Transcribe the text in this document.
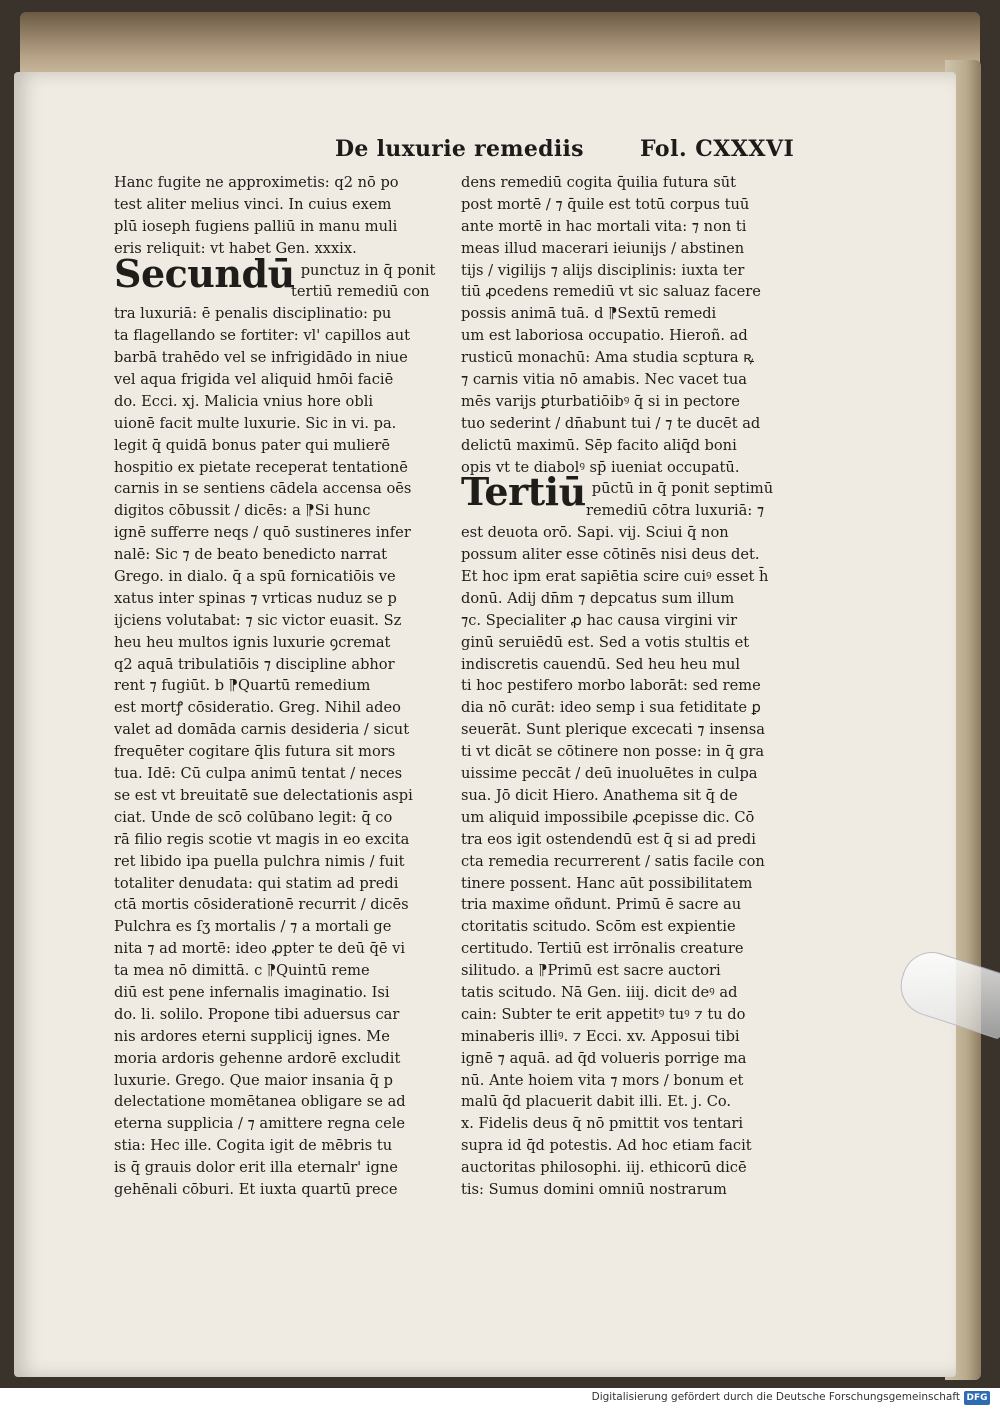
De luxurie remediis	Fol. CXXXVI
Hanc fugite ne approximetis: q2 nō po
test aliter melius vinci. In cuius exem
plū ioseph fugiens palliū in manu muli
eris reliquit: vt habet Gen. xxxix.
Secundū punctuz in q̄ ponit
tertiū remediū con
tra luxuriā: ē penalis disciplinatio: pu
ta flagellando se fortiter: vl' capillos aut
barbā trahēdo vel se infrigidādo in niue
vel aqua frigida vel aliquid hmōi faciē
do. Ecci. xj. Malicia vnius hore obli
uionē facit multe luxurie. Sic in vi. pa.
legit q̄ quidā bonus pater qui mulierē
hospitio ex pietate receperat tentationē
carnis in se sentiens cādela accensa oēs
digitos cōbussit / dicēs: a ⁋Si hunc
ignē sufferre neqs / quō sustineres infer
nalē: Sic ⁊ de beato benedicto narrat
Grego. in dialo. q̄ a spū fornicatiōis ve
xatus inter spinas ⁊ vrticas nuduz se p
ijciens volutabat: ⁊ sic victor euasit. Sz
heu heu multos ignis luxurie ꝯcremat
q2 aquā tribulatiōis ⁊ discipline abhor
rent ⁊ fugiūt. b ⁋Quartū remedium
est mortꝭ cōsideratio. Greg. Nihil adeo
valet ad domāda carnis desideria / sicut
frequēter cogitare q̄lis futura sit mors
tua. Idē: Cū culpa animū tentat / neces
se est vt breuitatē sue delectationis aspi
ciat. Unde de scō colūbano legit: q̄ co
rā filio regis scotie vt magis in eo excita
ret libido ipa puella pulchra nimis / fuit
totaliter denudata: qui statim ad predi
ctā mortis cōsiderationē recurrit / dicēs
Pulchra es ſʒ mortalis / ⁊ a mortali ge
nita ⁊ ad mortē: ideo ꝓpter te deū q̄ē vi
ta mea nō dimittā. c ⁋Quintū reme
diū est pene infernalis imaginatio. Isi
do. li. solilo. Propone tibi aduersus car
nis ardores eterni supplicij ignes. Me
moria ardoris gehenne ardorē excludit
luxurie. Grego. Que maior insania q̄ p
delectatione momētanea obligare se ad
eterna supplicia / ⁊ amittere regna cele
stia: Hec ille. Cogita igit de mēbris tu
is q̄ grauis dolor erit illa eternalr' igne
gehēnali cōburi. Et iuxta quartū prece
dens remediū cogita q̄uilia futura sūt
post mortē / ⁊ q̄uile est totū corpus tuū
ante mortē in hac mortali vita: ⁊ non ti
meas illud macerari ieiunijs / abstinen
tijs / vigilijs ⁊ alijs disciplinis: iuxta ter
tiū ꝓcedens remediū vt sic saluaz facere
possis animā tuā. d ⁋Sextū remedi
um est laboriosa occupatio. Hieroñ. ad
rusticū monachū: Ama studia scptura ꝶ
⁊ carnis vitia nō amabis. Nec vacet tua
mēs varijs ꝑturbatiōibꝰ q̄ si in pectore
tuo sederint / dn̄abunt tui / ⁊ te ducēt ad
delictū maximū. Sēp facito aliq̄d boni
opis vt te diabolꝰ sp̄ iueniat occupatū.
Tertiū pūctū in q̄ ponit septimū
remediū cōtra luxuriā: ⁊
est deuota orō. Sapi. vij. Sciui q̄ non
possum aliter esse cōtinēs nisi deus det.
Et hoc ipm erat sapiētia scire cuiꝰ esset h̄
donū. Adij dn̄m ⁊ depcatus sum illum
⁊c. Specialiter ꝓ hac causa virgini vir
ginū seruiēdū est. Sed a votis stultis et
indiscretis cauendū. Sed heu heu mul
ti hoc pestifero morbo laborāt: sed reme
dia nō curāt: ideo semp i sua fetiditate ꝑ
seuerāt. Sunt plerique excecati ⁊ insensa
ti vt dicāt se cōtinere non posse: in q̄ gra
uissime peccāt / deū inuoluētes in culpa
sua. Jō dicit Hiero. Anathema sit q̄ de
um aliquid impossibile ꝓcepisse dic. Cō
tra eos igit ostendendū est q̄ si ad predi
cta remedia recurrerent / satis facile con
tinere possent. Hanc aūt possibilitatem
tria maxime oñdunt. Primū ē sacre au
ctoritatis scitudo. Scōm est expientie
certitudo. Tertiū est irrōnalis creature
silitudo. a ⁋Primū est sacre auctori
tatis scitudo. Nā Gen. iiij. dicit deꝰ ad
cain: Subter te erit appetitꝰ tuꝰ ⁊ tu do
minaberis illiꝰ. ⁊ Ecci. xv. Apposui tibi
ignē ⁊ aquā. ad q̄d volueris porrige ma
nū. Ante hoiem vita ⁊ mors / bonum et
malū q̄d placuerit dabit illi. Et. j. Co.
x. Fidelis deus q̄ nō pmittit vos tentari
supra id q̄d potestis. Ad hoc etiam facit
auctoritas philosophi. iij. ethicorū dicē
tis: Sumus domini omniū nostrarum
Digitalisierung gefördert durch die Deutsche Forschungsgemeinschaft DFG
